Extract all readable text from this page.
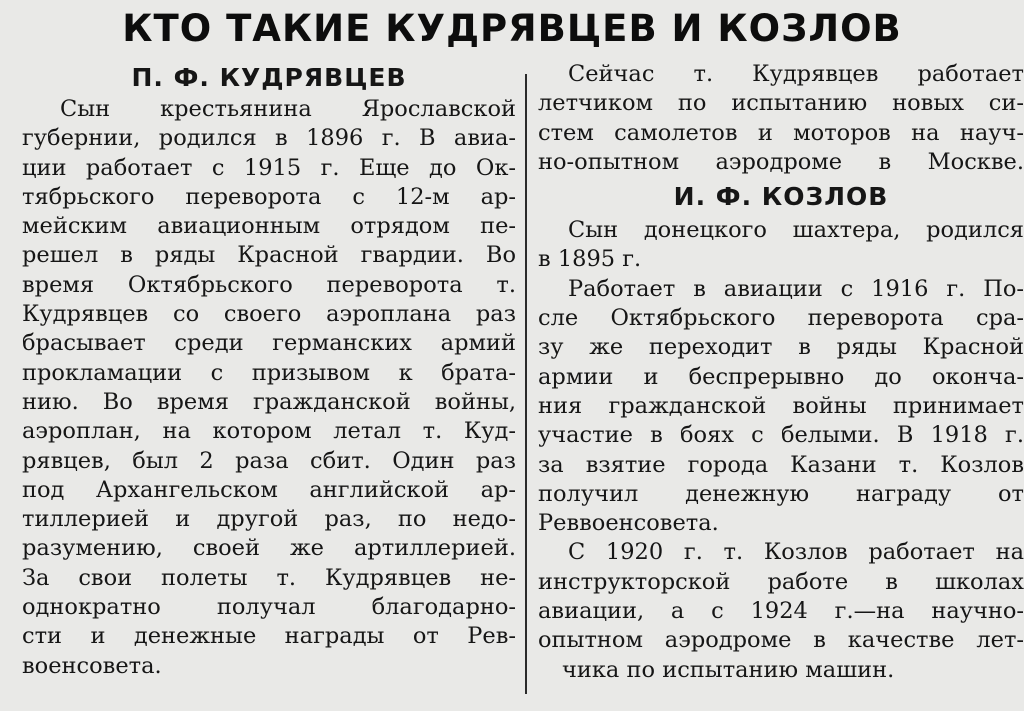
КТО ТАКИЕ КУДРЯВЦЕВ И КОЗЛОВ
П. Ф. КУДРЯВЦЕВ
Сын крестьянина Ярославской
губернии, родился в 1896 г. В авиа-
ции работает с 1915 г. Еще до Ок-
тябрьского переворота с 12-м ар-
мейским авиационным отрядом пе-
решел в ряды Красной гвардии. Во
время Октябрьского переворота т.
Кудрявцев со своего аэроплана раз
брасывает среди германских армий
прокламации с призывом к брата-
нию. Во время гражданской войны,
аэроплан, на котором летал т. Куд-
рявцев, был 2 раза сбит. Один раз
под Архангельском английской ар-
тиллерией и другой раз, по недо-
разумению, своей же артиллерией.
За свои полеты т. Кудрявцев не-
однократно получал благодарно-
сти и денежные награды от Рев-
военсовета.
Сейчас т. Кудрявцев работает
летчиком по испытанию новых си-
стем самолетов и моторов на науч-
но-опытном аэродроме в Москве.
И. Ф. КОЗЛОВ
Сын донецкого шахтера, родился
в 1895 г.
Работает в авиации с 1916 г. По-
сле Октябрьского переворота сра-
зу же переходит в ряды Красной
армии и беспрерывно до оконча-
ния гражданской войны принимает
участие в боях с белыми. В 1918 г.
за взятие города Казани т. Козлов
получил денежную награду от
Реввоенсовета.
С 1920 г. т. Козлов работает на
инструкторской работе в школах
авиации, а с 1924 г.—на научно-
опытном аэродроме в качестве лет-
чика по испытанию машин.
